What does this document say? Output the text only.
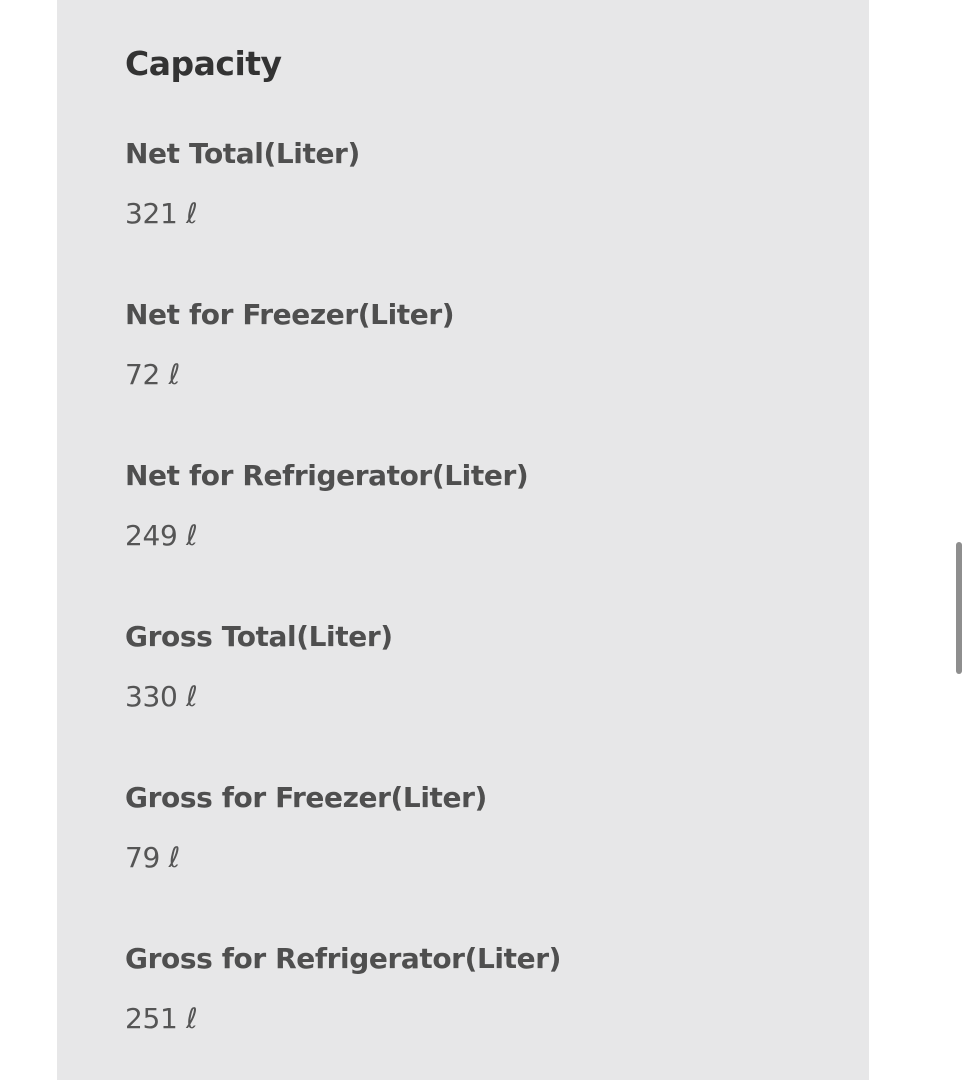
Capacity
Net Total(Liter)
321 ℓ
Net for Freezer(Liter)
72 ℓ
Net for Refrigerator(Liter)
249 ℓ
Gross Total(Liter)
330 ℓ
Gross for Freezer(Liter)
79 ℓ
Gross for Refrigerator(Liter)
251 ℓ
